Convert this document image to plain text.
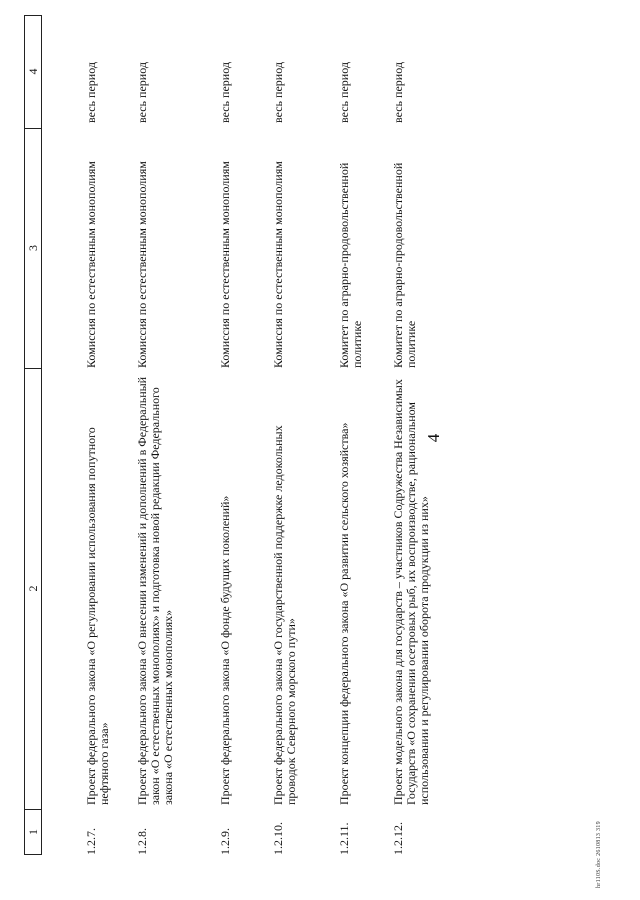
4
1
2
3
4
1.2.7.
Проект федерального закона «О регулировании использования попутного нефтяного газа»
Комиссия по естественным монополиям
весь период
1.2.8.
Проект федерального закона «О внесении изменений и дополнений в Федеральный закон «О естественных монополиях» и подготовка новой редакции Федерального закона «О естественных монополиях»
Комиссия по естественным монополиям
весь период
1.2.9.
Проект федерального закона «О фонде будущих поколений»
Комиссия по естественным монополиям
весь период
1.2.10.
Проект федерального закона «О государственной поддержке ледокольных проводок Северного морского пути»
Комиссия по естественным монополиям
весь период
1.2.11.
Проект концепции федерального закона «О развитии сельского хозяйства»
Комитет по аграрно-продовольственной политике
весь период
1.2.12.
Проект модельного закона для государств – участников Содружества Независимых Государств «О сохранении осетровых рыб, их воспроизводстве, рациональном использовании и регулировании оборота продукции из них»
Комитет по аграрно-продовольственной политике
весь период
hr110S.doc 2610813 319
